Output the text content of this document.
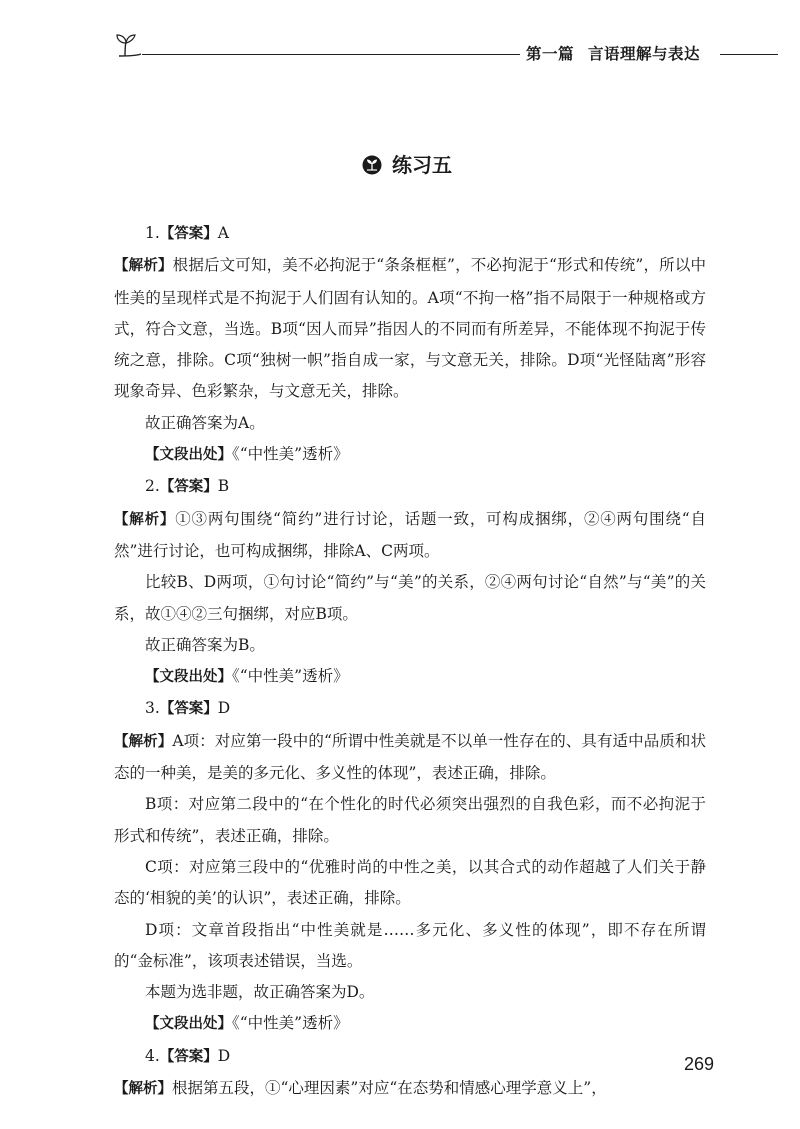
第一篇 言语理解与表达
练习五

1.【答案】A

【解析】根据后文可知，美不必拘泥于“条条框框”，不必拘泥于“形式和传统”，所以中性美的呈现样式是不拘泥于人们固有认知的。A项“不拘一格”指不局限于一种规格或方式，符合文意，当选。B项“因人而异”指因人的不同而有所差异，不能体现不拘泥于传统之意，排除。C项“独树一帜”指自成一家，与文意无关，排除。D项“光怪陆离”形容现象奇异、色彩繁杂，与文意无关，排除。

故正确答案为A。

【文段出处】《“中性美”透析》

2.【答案】B

【解析】①③两句围绕“简约”进行讨论，话题一致，可构成捆绑，②④两句围绕“自然”进行讨论，也可构成捆绑，排除A、C两项。

比较B、D两项，①句讨论“简约”与“美”的关系，②④两句讨论“自然”与“美”的关系，故①④②三句捆绑，对应B项。

故正确答案为B。

【文段出处】《“中性美”透析》

3.【答案】D

【解析】A项：对应第一段中的“所谓中性美就是不以单一性存在的、具有适中品质和状态的一种美，是美的多元化、多义性的体现”，表述正确，排除。

B项：对应第二段中的“在个性化的时代必须突出强烈的自我色彩，而不必拘泥于形式和传统”，表述正确，排除。

C项：对应第三段中的“优雅时尚的中性之美，以其合式的动作超越了人们关于静态的‘相貌的美’的认识”，表述正确，排除。

D项：文章首段指出“中性美就是……多元化、多义性的体现”，即不存在所谓的“金标准”，该项表述错误，当选。

本题为选非题，故正确答案为D。

【文段出处】《“中性美”透析》

4.【答案】D

【解析】根据第五段，①“心理因素”对应“在态势和情感心理学意义上”，

269
